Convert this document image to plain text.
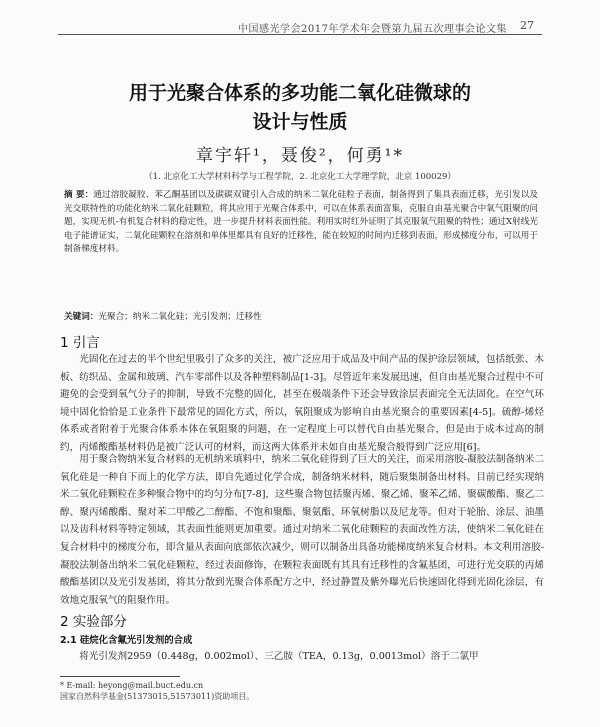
中国感光学会2017年学术年会暨第九届五次理事会论文集 27
用于光聚合体系的多功能二氧化硅微球的
设计与性质
章宇轩¹，聂俊²，何勇¹*
（1. 北京化工大学材料科学与工程学院，2. 北京化工大学理学院，北京 100029）
摘 要：通过溶胶凝胶、苯乙酮基团以及碳碳双键引入合成的纳米二氧化硅粒子表面，制备得到了集具表面迁移，光引发以及光交联特性的功能化纳米二氧化硅颗粒，将其应用于光聚合体系中，可以在体系表面富集，克服自由基光聚合中氧气阻聚的问题，实现无机-有机复合材料的稳定性，进一步提升材料表面性能。利用实时红外证明了其克服氧气阻聚的特性；通过X射线光电子能谱证实，二氧化硅颗粒在溶剂和单体里都具有良好的迁移性，能在较短的时间内迁移到表面，形成梯度分布，可以用于制备梯度材料。
关键词：光聚合；纳米二氧化硅；光引发剂；迁移性
1 引言

光固化在过去的半个世纪里吸引了众多的关注，被广泛应用于成品及中间产品的保护涂层领域，包括纸张、木板、纺织品、金属和玻璃、汽车零部件以及各种塑料制品[1-3]。尽管近年来发展迅速，但自由基光聚合过程中不可避免的会受到氧气分子的抑制，导致不完整的固化，甚至在极端条件下还会导致涂层表面完全无法固化。在空气环境中固化恰恰是工业条件下最常见的固化方式，所以，氧阻聚成为影响自由基光聚合的重要因素[4-5]。硫醇-烯烃体系或者附着于光聚合体系本体在氧阻聚的问题，在一定程度上可以替代自由基光聚合，但是由于成本过高的制约，丙烯酸酯基材料仍是被广泛认可的材料，而这两大体系并未如自由基光聚合般得到广泛应用[6]。

用于聚合物纳米复合材料的无机纳米填料中，纳米二氧化硅得到了巨大的关注，而采用溶胶-凝胶法制备纳米二氧化硅是一种自下而上的化学方法，即自先通过化学合成，制备纳米材料，随后聚集制备出材料。目前已经实现纳米二氧化硅颗粒在多种聚合物中的均匀分布[7-8]，这些聚合物包括聚丙烯、聚乙烯、聚苯乙烯、聚碳酸酯、聚乙二醇、聚丙烯酸酯、聚对苯二甲酸乙二醇酯、不饱和聚酯、聚氨酯、环氧树脂以及尼龙等。但对于轮胎、涂层、油墨以及齿科材料等特定领域，其表面性能则更加重要。通过对纳米二氧化硅颗粒的表面改性方法，使纳米二氧化硅在复合材料中的梯度分布，即含量从表面向底部依次减少，则可以制备出具备功能梯度纳米复合材料。本文利用溶胶-凝胶法制备出纳米二氧化硅颗粒，经过表面修饰，在颗粒表面既有其具有迁移性的含氟基团，可进行光交联的丙烯酸酯基团以及光引发基团，将其分散到光聚合体系配方之中，经过静置及紫外曝光后快速固化得到光固化涂层，有效地克服氧气的阻聚作用。

2 实验部分
2.1 硅烷化含氟光引发剂的合成
将光引发剂2959（0.448g，0.002mol）、三乙胺（TEA，0.13g，0.0013mol）溶于二氯甲
* E-mail: heyong@mail.buct.edu.cn
国家自然科学基金(51373015,51573011)资助项目。
